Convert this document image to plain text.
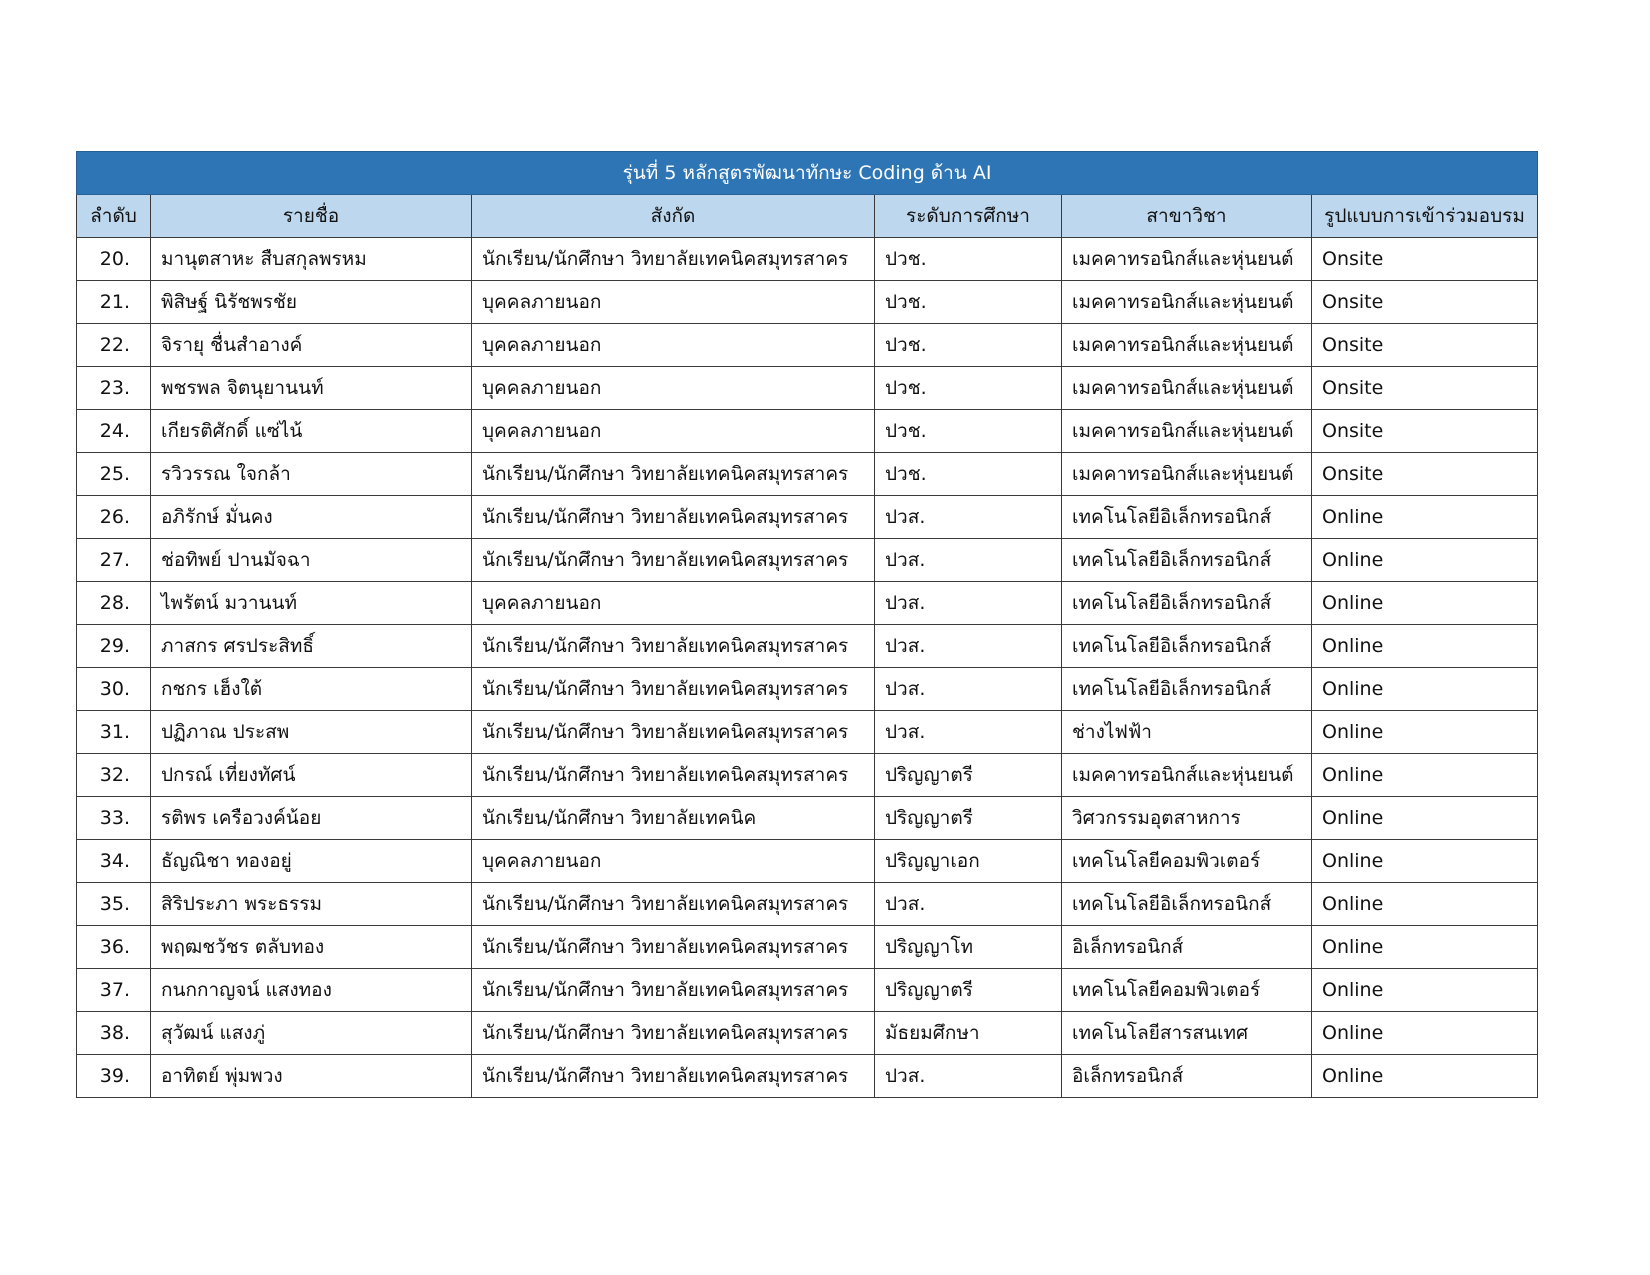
รุ่นที่ 5 หลักสูตรพัฒนาทักษะ Coding ด้าน AI					
ลำดับ	รายชื่อ	สังกัด	ระดับการศึกษา	สาขาวิชา	รูปแบบการเข้าร่วมอบรม
20.	มานุตสาหะ สืบสกุลพรหม	นักเรียน/นักศึกษา วิทยาลัยเทคนิคสมุทรสาคร	ปวช.	เมคคาทรอนิกส์และหุ่นยนต์	Onsite
21.	พิสิษฐ์ นิรัชพรชัย	บุคคลภายนอก	ปวช.	เมคคาทรอนิกส์และหุ่นยนต์	Onsite
22.	จิรายุ ชื่นสำอางค์	บุคคลภายนอก	ปวช.	เมคคาทรอนิกส์และหุ่นยนต์	Onsite
23.	พชรพล จิตนุยานนท์	บุคคลภายนอก	ปวช.	เมคคาทรอนิกส์และหุ่นยนต์	Onsite
24.	เกียรติศักดิ์ แซ่ไน้	บุคคลภายนอก	ปวช.	เมคคาทรอนิกส์และหุ่นยนต์	Onsite
25.	รวิวรรณ ใจกล้า	นักเรียน/นักศึกษา วิทยาลัยเทคนิคสมุทรสาคร	ปวช.	เมคคาทรอนิกส์และหุ่นยนต์	Onsite
26.	อภิรักษ์ มั่นคง	นักเรียน/นักศึกษา วิทยาลัยเทคนิคสมุทรสาคร	ปวส.	เทคโนโลยีอิเล็กทรอนิกส์	Online
27.	ช่อทิพย์ ปานมัจฉา	นักเรียน/นักศึกษา วิทยาลัยเทคนิคสมุทรสาคร	ปวส.	เทคโนโลยีอิเล็กทรอนิกส์	Online
28.	ไพรัตน์ มวานนท์	บุคคลภายนอก	ปวส.	เทคโนโลยีอิเล็กทรอนิกส์	Online
29.	ภาสกร ศรประสิทธิ์	นักเรียน/นักศึกษา วิทยาลัยเทคนิคสมุทรสาคร	ปวส.	เทคโนโลยีอิเล็กทรอนิกส์	Online
30.	กชกร เฮ็งใต้	นักเรียน/นักศึกษา วิทยาลัยเทคนิคสมุทรสาคร	ปวส.	เทคโนโลยีอิเล็กทรอนิกส์	Online
31.	ปฏิภาณ ประสพ	นักเรียน/นักศึกษา วิทยาลัยเทคนิคสมุทรสาคร	ปวส.	ช่างไฟฟ้า	Online
32.	ปกรณ์ เที่ยงทัศน์	นักเรียน/นักศึกษา วิทยาลัยเทคนิคสมุทรสาคร	ปริญญาตรี	เมคคาทรอนิกส์และหุ่นยนต์	Online
33.	รติพร เครือวงค์น้อย	นักเรียน/นักศึกษา วิทยาลัยเทคนิค	ปริญญาตรี	วิศวกรรมอุตสาหการ	Online
34.	ธัญณิชา ทองอยู่	บุคคลภายนอก	ปริญญาเอก	เทคโนโลยีคอมพิวเตอร์	Online
35.	สิริประภา พระธรรม	นักเรียน/นักศึกษา วิทยาลัยเทคนิคสมุทรสาคร	ปวส.	เทคโนโลยีอิเล็กทรอนิกส์	Online
36.	พฤฒชวัชร ตลับทอง	นักเรียน/นักศึกษา วิทยาลัยเทคนิคสมุทรสาคร	ปริญญาโท	อิเล็กทรอนิกส์	Online
37.	กนกกาญจน์ แสงทอง	นักเรียน/นักศึกษา วิทยาลัยเทคนิคสมุทรสาคร	ปริญญาตรี	เทคโนโลยีคอมพิวเตอร์	Online
38.	สุวัฒน์ แสงภู่	นักเรียน/นักศึกษา วิทยาลัยเทคนิคสมุทรสาคร	มัธยมศึกษา	เทคโนโลยีสารสนเทศ	Online
39.	อาทิตย์ พุ่มพวง	นักเรียน/นักศึกษา วิทยาลัยเทคนิคสมุทรสาคร	ปวส.	อิเล็กทรอนิกส์	Online
